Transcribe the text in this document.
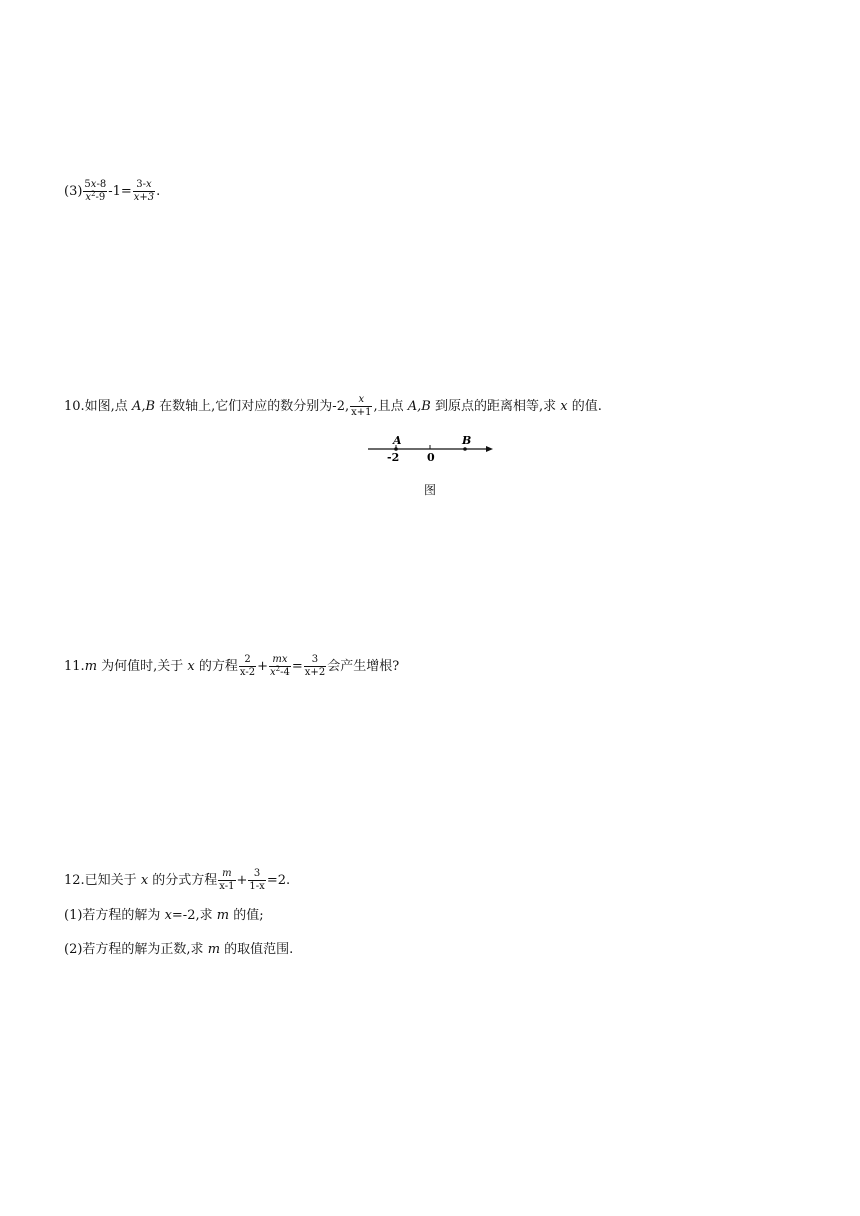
$(3) \frac{5x-8}{x^2-9} -1= \frac{3-x}{x+3}$ .
10.如图,点 A,B 在数轴上,它们对应的数分别为-2, $\frac{x}{x+1}$ ,且点 A,B 到原点的距离相等,求 x 的值.
A	B
-2	0
图
11.m 为何值时,关于 x 的方程 $\frac{2}{x-2} + \frac{mx}{x^2-4} = \frac{3}{x+2}$ 会产生增根?
12.已知关于 x 的分式方程 $\frac{m}{x-1} + \frac{3}{1-x} =2$.
(1)若方程的解为 x=-2,求 m 的值;
(2)若方程的解为正数,求 m 的取值范围.
